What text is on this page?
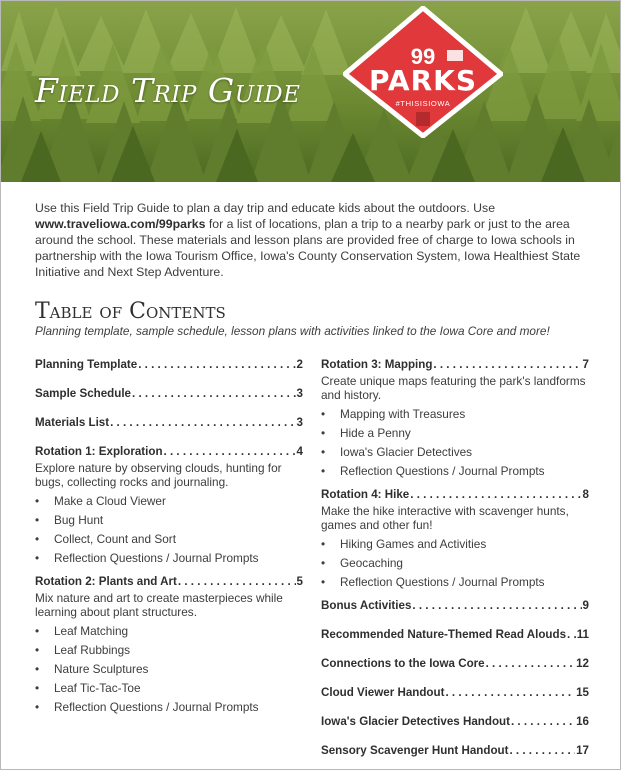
Field Trip Guide
99
PARKS
#THISISIOWA

Use this Field Trip Guide to plan a day trip and educate kids about the outdoors. Use www.traveliowa.com/99parks for a list of locations, plan a trip to a nearby park or just to the area around the school. These materials and lesson plans are provided free of charge to Iowa schools in partnership with the Iowa Tourism Office, Iowa's County Conservation System, Iowa Healthiest State Initiative and Next Step Adventure.

Table of Contents
Planning template, sample schedule, lesson plans with activities linked to the Iowa Core and more!
Planning Template . . .	2
Sample Schedule . . .	3
Materials List . . .	3
Rotation 1: Exploration . . .	4
Explore nature by observing clouds, hunting for bugs, collecting rocks and journaling.
• Make a Cloud Viewer
• Bug Hunt
• Collect, Count and Sort
• Reflection Questions / Journal Prompts
Rotation 2: Plants and Art . . .	5
Mix nature and art to create masterpieces while learning about plant structures.
• Leaf Matching
• Leaf Rubbings
• Nature Sculptures
• Leaf Tic-Tac-Toe
• Reflection Questions / Journal Prompts
Rotation 3: Mapping . . .	7
Create unique maps featuring the park's landforms and history.
• Mapping with Treasures
• Hide a Penny
• Iowa's Glacier Detectives
• Reflection Questions / Journal Prompts
Rotation 4: Hike . . .	8
Make the hike interactive with scavenger hunts, games and other fun!
• Hiking Games and Activities
• Geocaching
• Reflection Questions / Journal Prompts
Bonus Activities . . .	9
Recommended Nature-Themed Read Alouds . . . 11
Connections to the Iowa Core . . .	12
Cloud Viewer Handout . . .	15
Iowa's Glacier Detectives Handout . . .	16
Sensory Scavenger Hunt Handout . . .	17
